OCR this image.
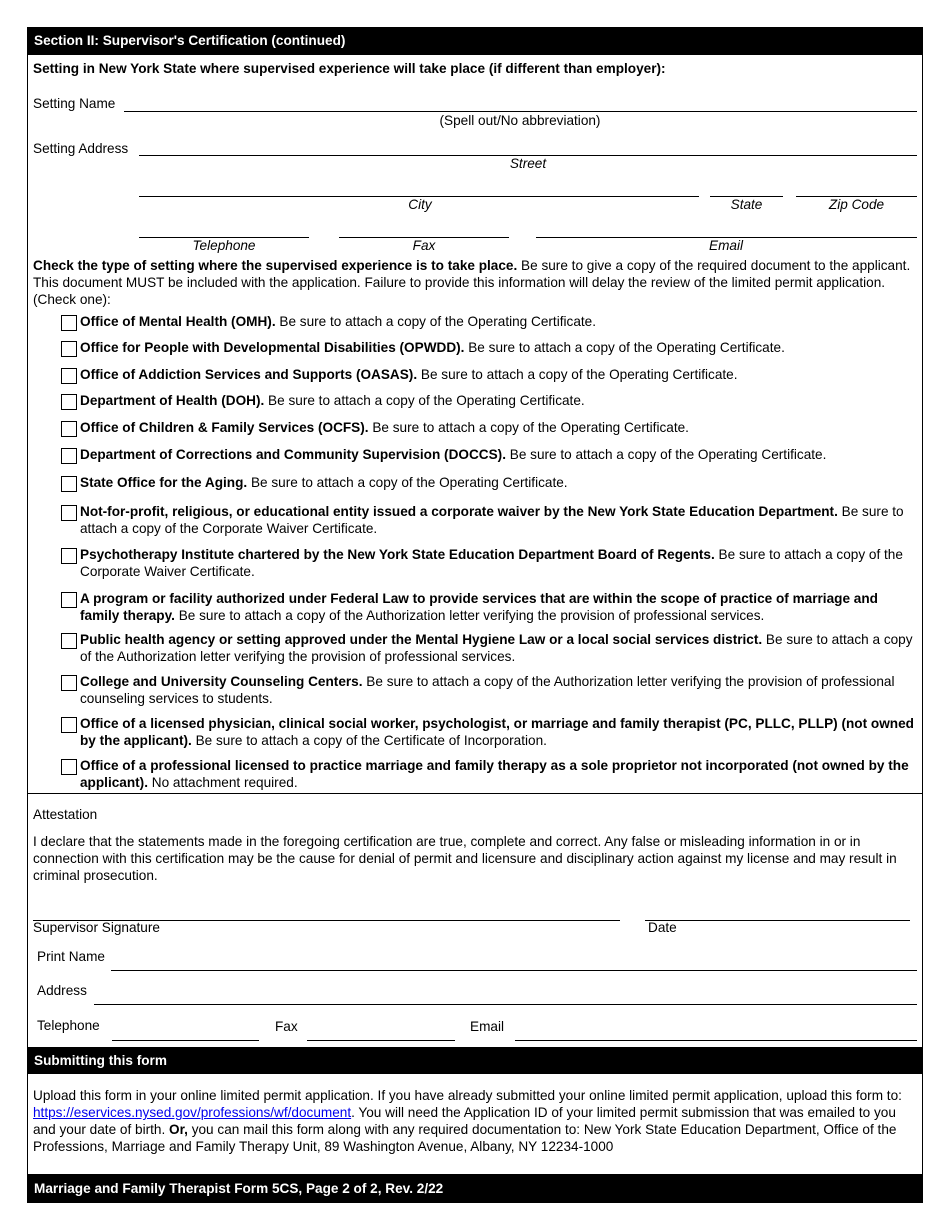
Section II: Supervisor's Certification (continued)
Setting in New York State where supervised experience will take place (if different than employer):
Setting Name
(Spell out/No abbreviation)
Setting Address
Street
City	State	Zip Code
Telephone	Fax	Email
Check the type of setting where the supervised experience is to take place. Be sure to give a copy of the required document to the applicant. This document MUST be included with the application. Failure to provide this information will delay the review of the limited permit application. (Check one):
Office of Mental Health (OMH). Be sure to attach a copy of the Operating Certificate.
Office for People with Developmental Disabilities (OPWDD). Be sure to attach a copy of the Operating Certificate.
Office of Addiction Services and Supports (OASAS). Be sure to attach a copy of the Operating Certificate.
Department of Health (DOH). Be sure to attach a copy of the Operating Certificate.
Office of Children & Family Services (OCFS). Be sure to attach a copy of the Operating Certificate.
Department of Corrections and Community Supervision (DOCCS). Be sure to attach a copy of the Operating Certificate.
State Office for the Aging. Be sure to attach a copy of the Operating Certificate.
Not-for-profit, religious, or educational entity issued a corporate waiver by the New York State Education Department. Be sure to attach a copy of the Corporate Waiver Certificate.
Psychotherapy Institute chartered by the New York State Education Department Board of Regents. Be sure to attach a copy of the Corporate Waiver Certificate.
A program or facility authorized under Federal Law to provide services that are within the scope of practice of marriage and family therapy. Be sure to attach a copy of the Authorization letter verifying the provision of professional services.
Public health agency or setting approved under the Mental Hygiene Law or a local social services district. Be sure to attach a copy of the Authorization letter verifying the provision of professional services.
College and University Counseling Centers. Be sure to attach a copy of the Authorization letter verifying the provision of professional counseling services to students.
Office of a licensed physician, clinical social worker, psychologist, or marriage and family therapist (PC, PLLC, PLLP) (not owned by the applicant). Be sure to attach a copy of the Certificate of Incorporation.
Office of a professional licensed to practice marriage and family therapy as a sole proprietor not incorporated (not owned by the applicant). No attachment required.
Attestation
I declare that the statements made in the foregoing certification are true, complete and correct. Any false or misleading information in or in connection with this certification may be the cause for denial of permit and licensure and disciplinary action against my license and may result in criminal prosecution.
Supervisor Signature	Date
Print Name
Address
Telephone	Fax	Email
Submitting this form
Upload this form in your online limited permit application. If you have already submitted your online limited permit application, upload this form to: https://eservices.nysed.gov/professions/wf/document. You will need the Application ID of your limited permit submission that was emailed to you and your date of birth. Or, you can mail this form along with any required documentation to: New York State Education Department, Office of the Professions, Marriage and Family Therapy Unit, 89 Washington Avenue, Albany, NY 12234-1000
Marriage and Family Therapist Form 5CS, Page 2 of 2, Rev. 2/22
